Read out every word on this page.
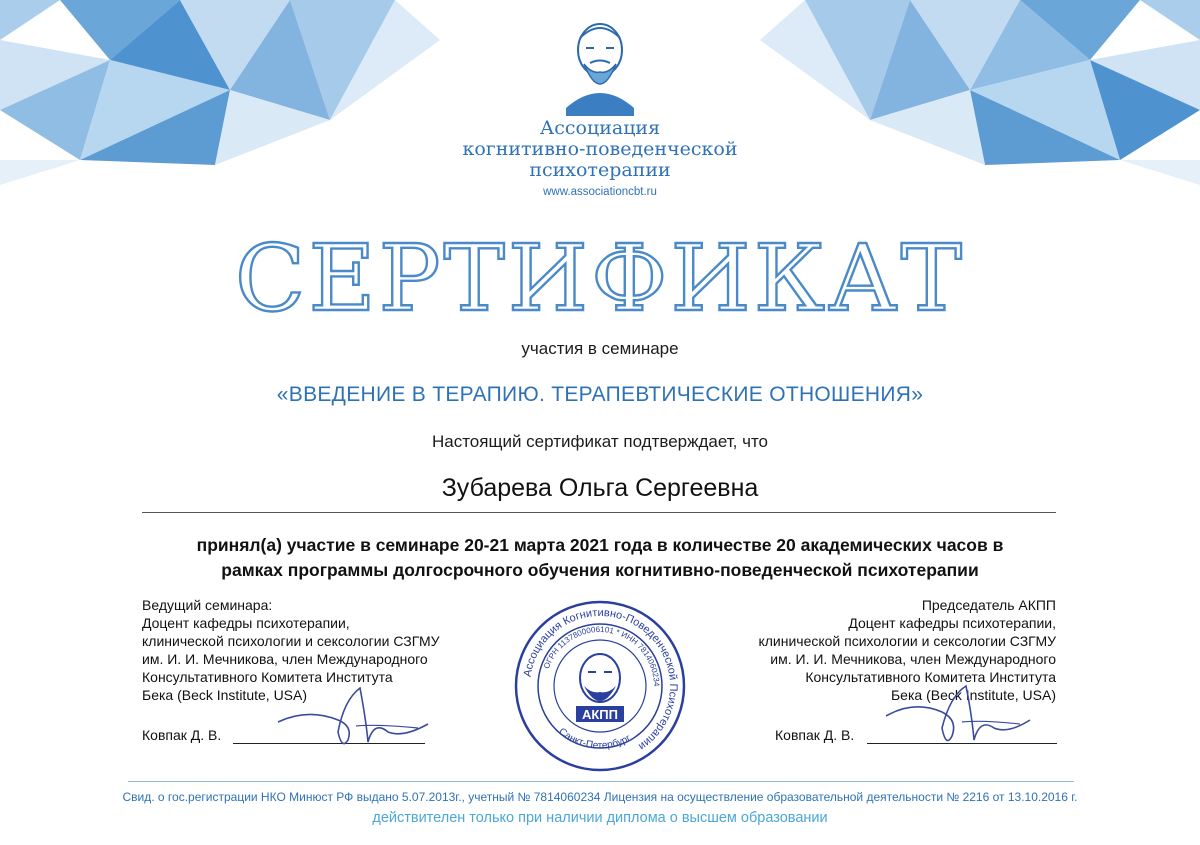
Ассоциация
когнитивно-поведенческой
психотерапии
www.associationcbt.ru
СЕРТИФИКАТ
участия в семинаре
«ВВЕДЕНИЕ В ТЕРАПИЮ. ТЕРАПЕВТИЧЕСКИЕ ОТНОШЕНИЯ»
Настоящий сертификат подтверждает, что
Зубарева Ольга Сергеевна
принял(а) участие в семинаре 20-21 марта 2021 года в количестве 20 академических часов в
рамках программы долгосрочного обучения когнитивно-поведенческой психотерапии
Ведущий семинара:
Доцент кафедры психотерапии,
клинической психологии и сексологии СЗГМУ
им. И. И. Мечникова, член Международного
Консультативного Комитета Института
Бека (Beck Institute, USA)
Председатель АКПП
Доцент кафедры психотерапии,
клинической психологии и сексологии СЗГМУ
им. И. И. Мечникова, член Международного
Консультативного Комитета Института
Бека (Beck Institute, USA)
Ковпак Д. В.	Ковпак Д. В.
Ассоциация Когнитивно-Поведенческой Психотерапии
ОГРН 1137800006101 * ИНН 7814060234
Санкт-Петербург
АКПП
Свид. о гос.регистрации НКО Минюст РФ выдано 5.07.2013г., учетный № 7814060234 Лицензия на осуществление образовательной деятельности № 2216 от 13.10.2016 г.
действителен только при наличии диплома о высшем образовании
